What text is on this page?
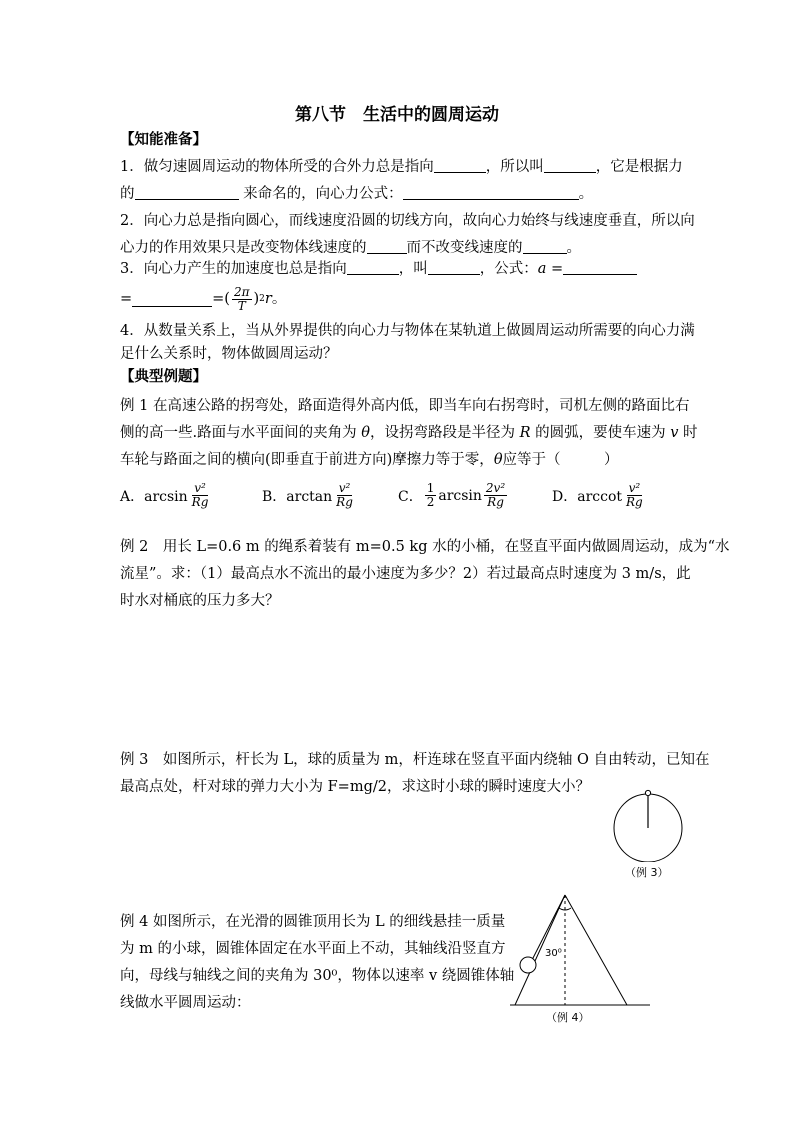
第八节　生活中的圆周运动
【知能准备】
1．做匀速圆周运动的物体所受的合外力总是指向	，所以叫	，它是根据力
的	来命名的，向心力公式：	。
2．向心力总是指向圆心，而线速度沿圆的切线方向，故向心力始终与线速度垂直，所以向
心力的作用效果只是改变物体线速度的	而不改变线速度的	。
3．向心力产生的加速度也总是指向	，叫	，公式：a =
=	=( $\frac{2\pi}{T}$ ) 2 r 。
4．从数量关系上，当从外界提供的向心力与物体在某轨道上做圆周运动所需要的向心力满
足什么关系时，物体做圆周运动？
【典型例题】
例 1 在高速公路的拐弯处，路面造得外高内低，即当车向右拐弯时，司机左侧的路面比右
侧的高一些.路面与水平面间的夹角为 θ，设拐弯路段是半径为 R 的圆弧，要使车速为 v 时
车轮与路面之间的横向(即垂直于前进方向)摩擦力等于零，θ应等于（　　　）
A．$\arcsin \frac{\text{v²}}{Rg}$	B．$\arctan \frac{\text{v²}}{Rg}$	C． $\frac{1}{2}$ $\arcsin \frac{\text{2v²}}{Rg}$	D．arccot $\frac{\text{v²}}{Rg}$
例 2　用长 L=0.6 m 的绳系着装有 m=0.5 kg 水的小桶，在竖直平面内做圆周运动，成为“水
流星”。求：（1）最高点水不流出的最小速度为多少？2）若过最高点时速度为 3 m/s，此
时水对桶底的压力多大？
例 3　如图所示，杆长为 L，球的质量为 m，杆连球在竖直平面内绕轴 O 自由转动，已知在
最高点处，杆对球的弹力大小为 F=mg/2，求这时小球的瞬时速度大小？
（例 3）
例 4 如图所示，在光滑的圆锥顶用长为 L 的细线悬挂一质量
为 m 的小球，圆锥体固定在水平面上不动，其轴线沿竖直方
向，母线与轴线之间的夹角为 30⁰，物体以速率 v 绕圆锥体轴
线做水平圆周运动：
30⁰
（例 4）
